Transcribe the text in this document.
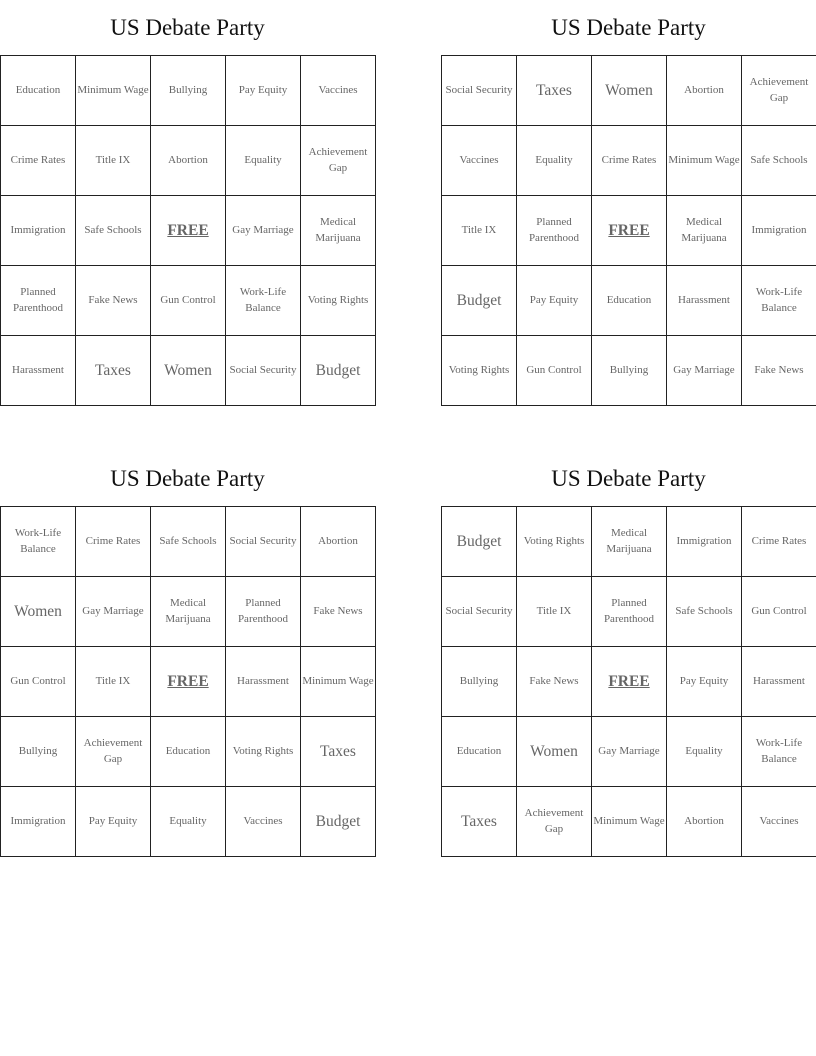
US Debate Party
Education	Minimum Wage	Bullying	Pay Equity	Vaccines
Crime Rates	Title IX	Abortion	Equality	Achievement Gap
Immigration	Safe Schools	FREE	Gay Marriage	Medical Marijuana
Planned Parenthood	Fake News	Gun Control	Work-Life Balance	Voting Rights
Harassment	Taxes	Women	Social Security	Budget
US Debate Party
Social Security	Taxes	Women	Abortion	Achievement Gap
Vaccines	Equality	Crime Rates	Minimum Wage	Safe Schools
Title IX	Planned Parenthood	FREE	Medical Marijuana	Immigration
Budget	Pay Equity	Education	Harassment	Work-Life Balance
Voting Rights	Gun Control	Bullying	Gay Marriage	Fake News
US Debate Party
Work-Life Balance	Crime Rates	Safe Schools	Social Security	Abortion
Women	Gay Marriage	Medical Marijuana	Planned Parenthood	Fake News
Gun Control	Title IX	FREE	Harassment	Minimum Wage
Bullying	Achievement Gap	Education	Voting Rights	Taxes
Immigration	Pay Equity	Equality	Vaccines	Budget
US Debate Party
Budget	Voting Rights	Medical Marijuana	Immigration	Crime Rates
Social Security	Title IX	Planned Parenthood	Safe Schools	Gun Control
Bullying	Fake News	FREE	Pay Equity	Harassment
Education	Women	Gay Marriage	Equality	Work-Life Balance
Taxes	Achievement Gap	Minimum Wage	Abortion	Vaccines
